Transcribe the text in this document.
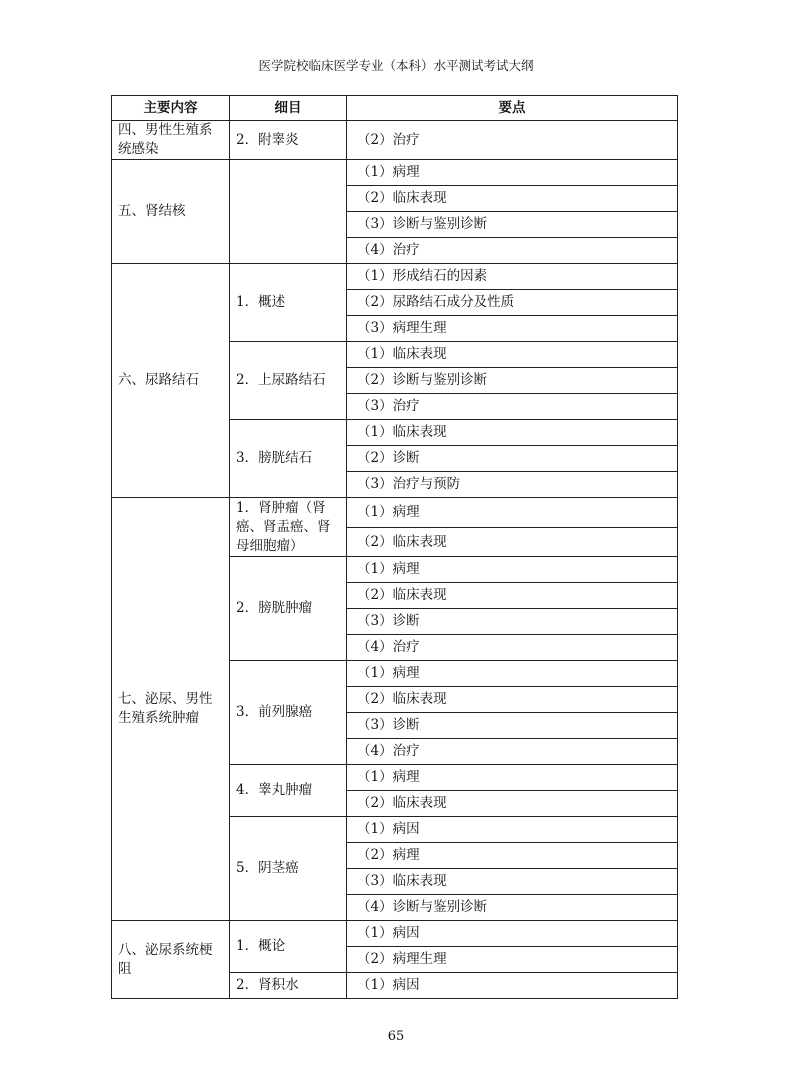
医学院校临床医学专业（本科）水平测试考试大纲
主要内容	细目	要点
四、男性生殖系统感染	2．附睾炎	（2）治疗
五、肾结核		（1）病理
		（2）临床表现
		（3）诊断与鉴别诊断
		（4）治疗
六、尿路结石	1．概述	（1）形成结石的因素
		（2）尿路结石成分及性质
		（3）病理生理
	2．上尿路结石	（1）临床表现
		（2）诊断与鉴别诊断
		（3）治疗
	3．膀胱结石	（1）临床表现
		（2）诊断
		（3）治疗与预防
七、泌尿、男性生殖系统肿瘤	1．肾肿瘤（肾癌、肾盂癌、肾母细胞瘤）	（1）病理
		（2）临床表现
	2．膀胱肿瘤	（1）病理
		（2）临床表现
		（3）诊断
		（4）治疗
	3．前列腺癌	（1）病理
		（2）临床表现
		（3）诊断
		（4）治疗
	4．睾丸肿瘤	（1）病理
		（2）临床表现
	5．阴茎癌	（1）病因
		（2）病理
		（3）临床表现
		（4）诊断与鉴别诊断
八、泌尿系统梗阻	1．概论	（1）病因
		（2）病理生理
	2．肾积水	（1）病因
65
